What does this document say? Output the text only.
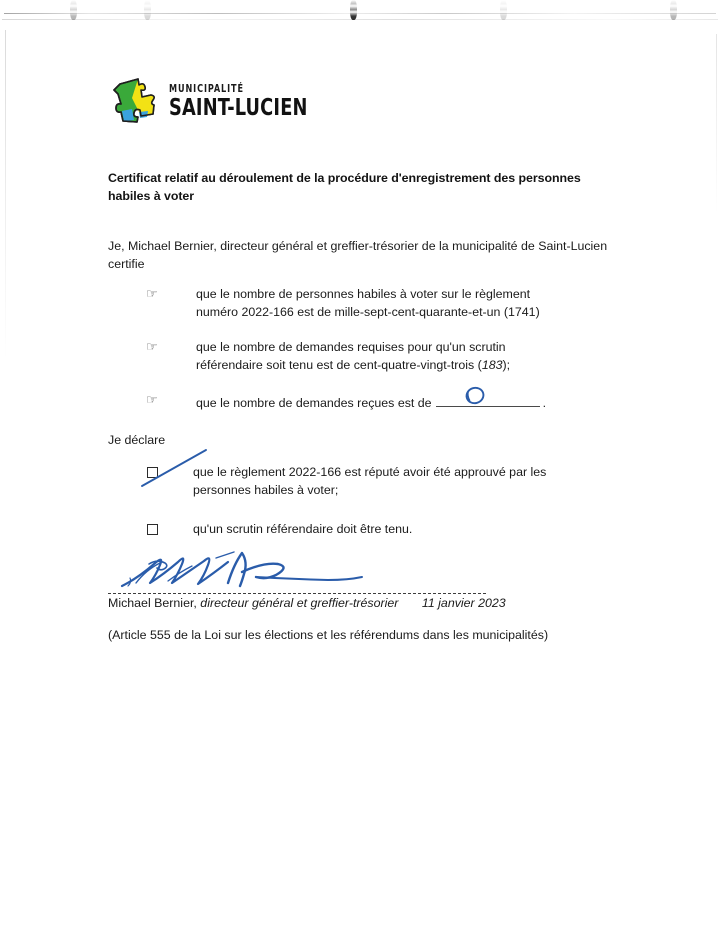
MUNICIPALITÉ
SAINT-LUCIEN
Certificat relatif au déroulement de la procédure d'enregistrement des personnes habiles à voter
Je, Michael Bernier, directeur général et greffier-trésorier de la municipalité de Saint-Lucien certifie
☞	que le nombre de personnes habiles à voter sur le règlement
numéro 2022-166 est de mille-sept-cent-quarante-et-un (1741)
☞	que le nombre de demandes requises pour qu'un scrutin
référendaire soit tenu est de cent-quatre-vingt-trois (183);
☞	que le nombre de demandes reçues est de	.
Je déclare
que le règlement 2022-166 est réputé avoir été approuvé par les
personnes habiles à voter;
qu'un scrutin référendaire doit être tenu.
Michael Bernier, directeur général et greffier-trésorier 11 janvier 2023
(Article 555 de la Loi sur les élections et les référendums dans les municipalités)
